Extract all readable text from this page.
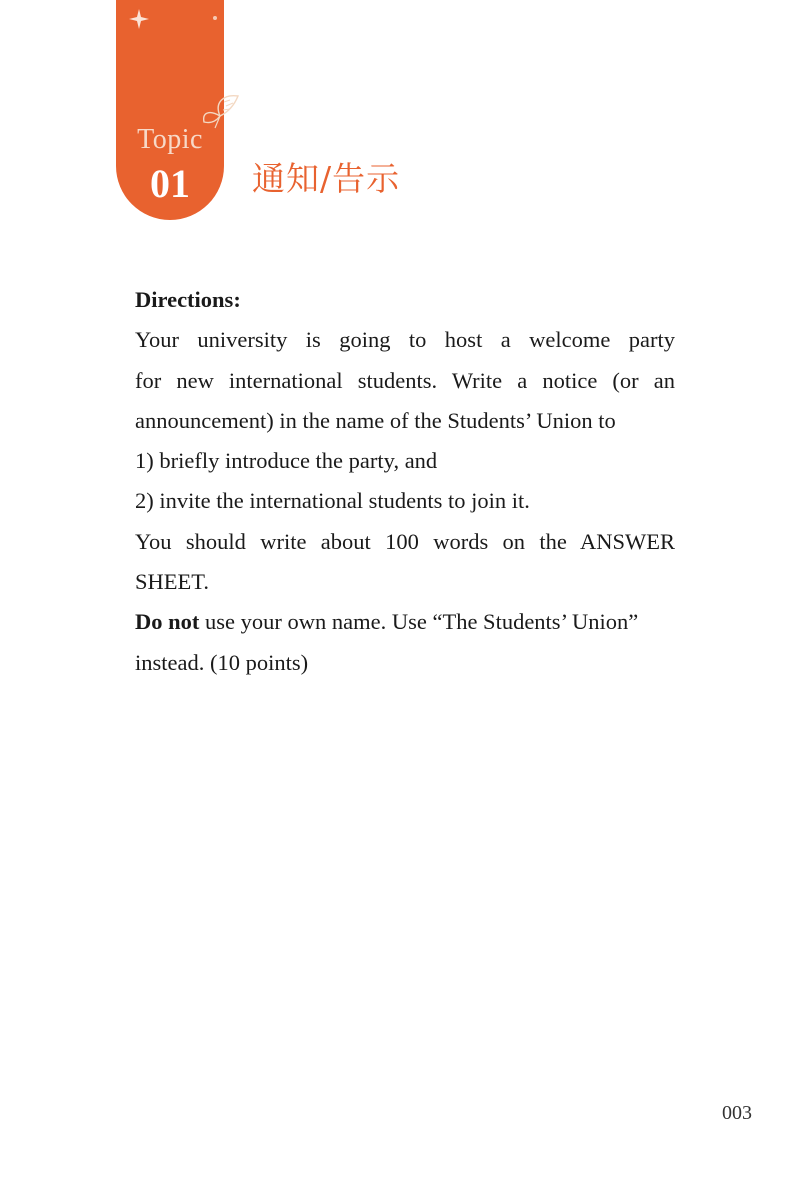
Topic
01	通知/告示

Directions:

Your university is going to host a welcome party

for new international students. Write a notice (or an

announcement) in the name of the Students’ Union to

1) briefly introduce the party, and

2) invite the international students to join it.

You should write about 100 words on the ANSWER

SHEET.

Do not use your own name. Use “The Students’ Union”

instead. (10 points)

003
